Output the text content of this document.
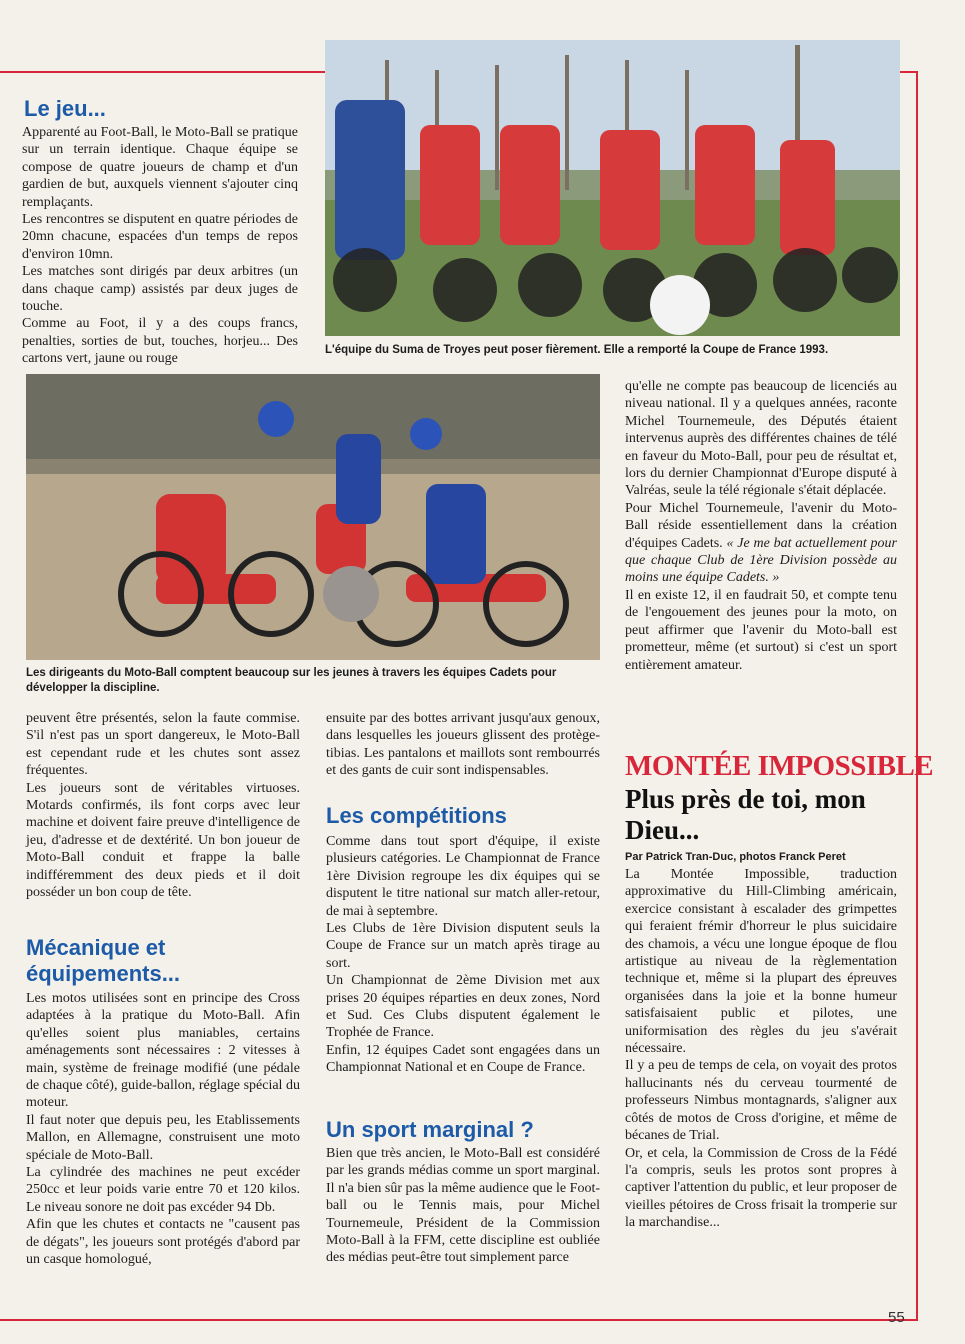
Le jeu...

Apparenté au Foot-Ball, le Moto-Ball se pratique sur un terrain identique. Chaque équipe se compose de quatre joueurs de champ et d'un gardien de but, auxquels viennent s'ajouter cinq remplaçants.

Les rencontres se disputent en quatre périodes de 20mn chacune, espacées d'un temps de repos d'environ 10mn.

Les matches sont dirigés par deux arbitres (un dans chaque camp) assistés par deux juges de touche.

Comme au Foot, il y a des coups francs, penalties, sorties de but, touches, horjeu... Des cartons vert, jaune ou rouge

L'équipe du Suma de Troyes peut poser fièrement. Elle a remporté la Coupe de France 1993.

Les dirigeants du Moto-Ball comptent beaucoup sur les jeunes à travers les équipes Cadets pour développer la discipline.

qu'elle ne compte pas beaucoup de licenciés au niveau national. Il y a quelques années, raconte Michel Tournemeule, des Députés étaient intervenus auprès des différentes chaines de télé en faveur du Moto-Ball, pour peu de résultat et, lors du dernier Championnat d'Europe disputé à Valréas, seule la télé régionale s'était déplacée.

Pour Michel Tournemeule, l'avenir du Moto-Ball réside essentiellement dans la création d'équipes Cadets. « Je me bat actuellement pour que chaque Club de 1ère Division possède au moins une équipe Cadets. »

Il en existe 12, il en faudrait 50, et compte tenu de l'engouement des jeunes pour la moto, on peut affirmer que l'avenir du Moto-ball est prometteur, même (et surtout) si c'est un sport entièrement amateur.

peuvent être présentés, selon la faute commise. S'il n'est pas un sport dangereux, le Moto-Ball est cependant rude et les chutes sont assez fréquentes.

Les joueurs sont de véritables virtuoses. Motards confirmés, ils font corps avec leur machine et doivent faire preuve d'intelligence de jeu, d'adresse et de dextérité. Un bon joueur de Moto-Ball conduit et frappe la balle indifféremment des deux pieds et il doit posséder un bon coup de tête.

Mécanique et équipements...

Les motos utilisées sont en principe des Cross adaptées à la pratique du Moto-Ball. Afin qu'elles soient plus maniables, certains aménagements sont nécessaires : 2 vitesses à main, système de freinage modifié (une pédale de chaque côté), guide-ballon, réglage spécial du moteur.

Il faut noter que depuis peu, les Etablissements Mallon, en Allemagne, construisent une moto spéciale de Moto-Ball.

La cylindrée des machines ne peut excéder 250cc et leur poids varie entre 70 et 120 kilos. Le niveau sonore ne doit pas excéder 94 Db.

Afin que les chutes et contacts ne "causent pas de dégats", les joueurs sont protégés d'abord par un casque homologué,

ensuite par des bottes arrivant jusqu'aux genoux, dans lesquelles les joueurs glissent des protège-tibias. Les pantalons et maillots sont rembourrés et des gants de cuir sont indispensables.

Les compétitions

Comme dans tout sport d'équipe, il existe plusieurs catégories. Le Championnat de France 1ère Division regroupe les dix équipes qui se disputent le titre national sur match aller-retour, de mai à septembre.

Les Clubs de 1ère Division disputent seuls la Coupe de France sur un match après tirage au sort.

Un Championnat de 2ème Division met aux prises 20 équipes réparties en deux zones, Nord et Sud. Ces Clubs disputent également le Trophée de France.

Enfin, 12 équipes Cadet sont engagées dans un Championnat National et en Coupe de France.

Un sport marginal ?

Bien que très ancien, le Moto-Ball est considéré par les grands médias comme un sport marginal. Il n'a bien sûr pas la même audience que le Foot-ball ou le Tennis mais, pour Michel Tournemeule, Président de la Commission Moto-Ball à la FFM, cette discipline est oubliée des médias peut-être tout simplement parce

MONTÉE IMPOSSIBLE
Plus près de toi, mon Dieu...

Par Patrick Tran-Duc, photos Franck Peret

La Montée Impossible, traduction approximative du Hill-Climbing américain, exercice consistant à escalader des grimpettes qui feraient frémir d'horreur le plus suicidaire des chamois, a vécu une longue époque de flou artistique au niveau de la règlementation technique et, même si la plupart des épreuves organisées dans la joie et la bonne humeur satisfaisaient public et pilotes, une uniformisation des règles du jeu s'avérait nécessaire.

Il y a peu de temps de cela, on voyait des protos hallucinants nés du cerveau tourmenté de professeurs Nimbus montagnards, s'aligner aux côtés de motos de Cross d'origine, et même de bécanes de Trial.

Or, et cela, la Commission de Cross de la Fédé l'a compris, seuls les protos sont propres à captiver l'attention du public, et leur proposer de vieilles pétoires de Cross frisait la tromperie sur la marchandise...

55
